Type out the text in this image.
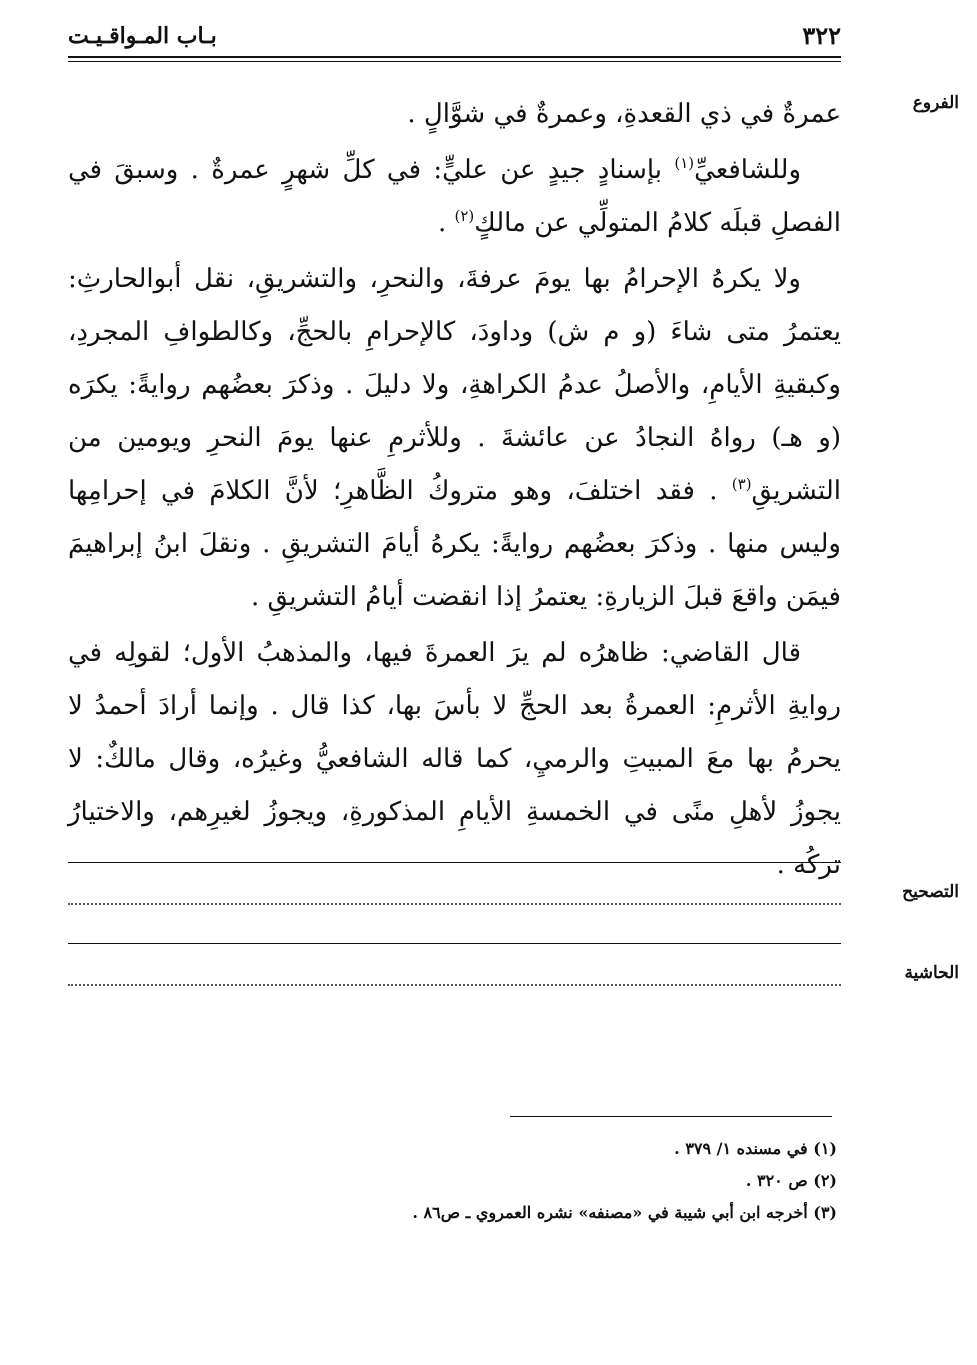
٣٢٢
بـاب المـواقـيـت
الفروع

عمرةٌ في ذي القعدةِ، وعمرةٌ في شوَّالٍ .

وللشافعيِّ$^{(١)}$ بإسنادٍ جيدٍ عن عليٍّ: في كلِّ شهرٍ عمرةٌ . وسبقَ في الفصلِ قبلَه كلامُ المتولِّي عن مالكٍ$^{(٢)}$ .

ولا يكرهُ الإحرامُ بها يومَ عرفةَ، والنحرِ، والتشريقِ، نقل أبوالحارثِ: يعتمرُ متى شاءَ (و م ش) وداودَ، كالإحرامِ بالحجِّ، وكالطوافِ المجردِ، وكبقيةِ الأيامِ، والأصلُ عدمُ الكراهةِ، ولا دليلَ . وذكرَ بعضُهم روايةً: يكرَه (و هـ) رواهُ النجادُ عن عائشةَ . وللأثرمِ عنها يومَ النحرِ ويومين من التشريقِ$^{(٣)}$ . فقد اختلفَ، وهو متروكُ الظَّاهرِ؛ لأنَّ الكلامَ في إحرامِها وليس منها . وذكرَ بعضُهم روايةً: يكرهُ أيامَ التشريقِ . ونقلَ ابنُ إبراهيمَ فيمَن واقعَ قبلَ الزيارةِ: يعتمرُ إذا انقضت أيامُ التشريقِ .

قال القاضي: ظاهرُه لم يرَ العمرةَ فيها، والمذهبُ الأول؛ لقولِه في روايةِ الأثرمِ: العمرةُ بعد الحجِّ لا بأسَ بها، كذا قال . وإنما أرادَ أحمدُ لا يحرمُ بها معَ المبيتِ والرميِ، كما قاله الشافعيُّ وغيرُه، وقال مالكٌ: لا يجوزُ لأهلِ منًى في الخمسةِ الأيامِ المذكورةِ، ويجوزُ لغيرِهم، والاختيارُ تركُه .

التصحيح
الحاشية
(١) في مسنده ١/ ٣٧٩ .
(٢) ص ٣٢٠ .
(٣) أخرجه ابن أبي شيبة في «مصنفه» نشره العمروي ـ ص٨٦ .
